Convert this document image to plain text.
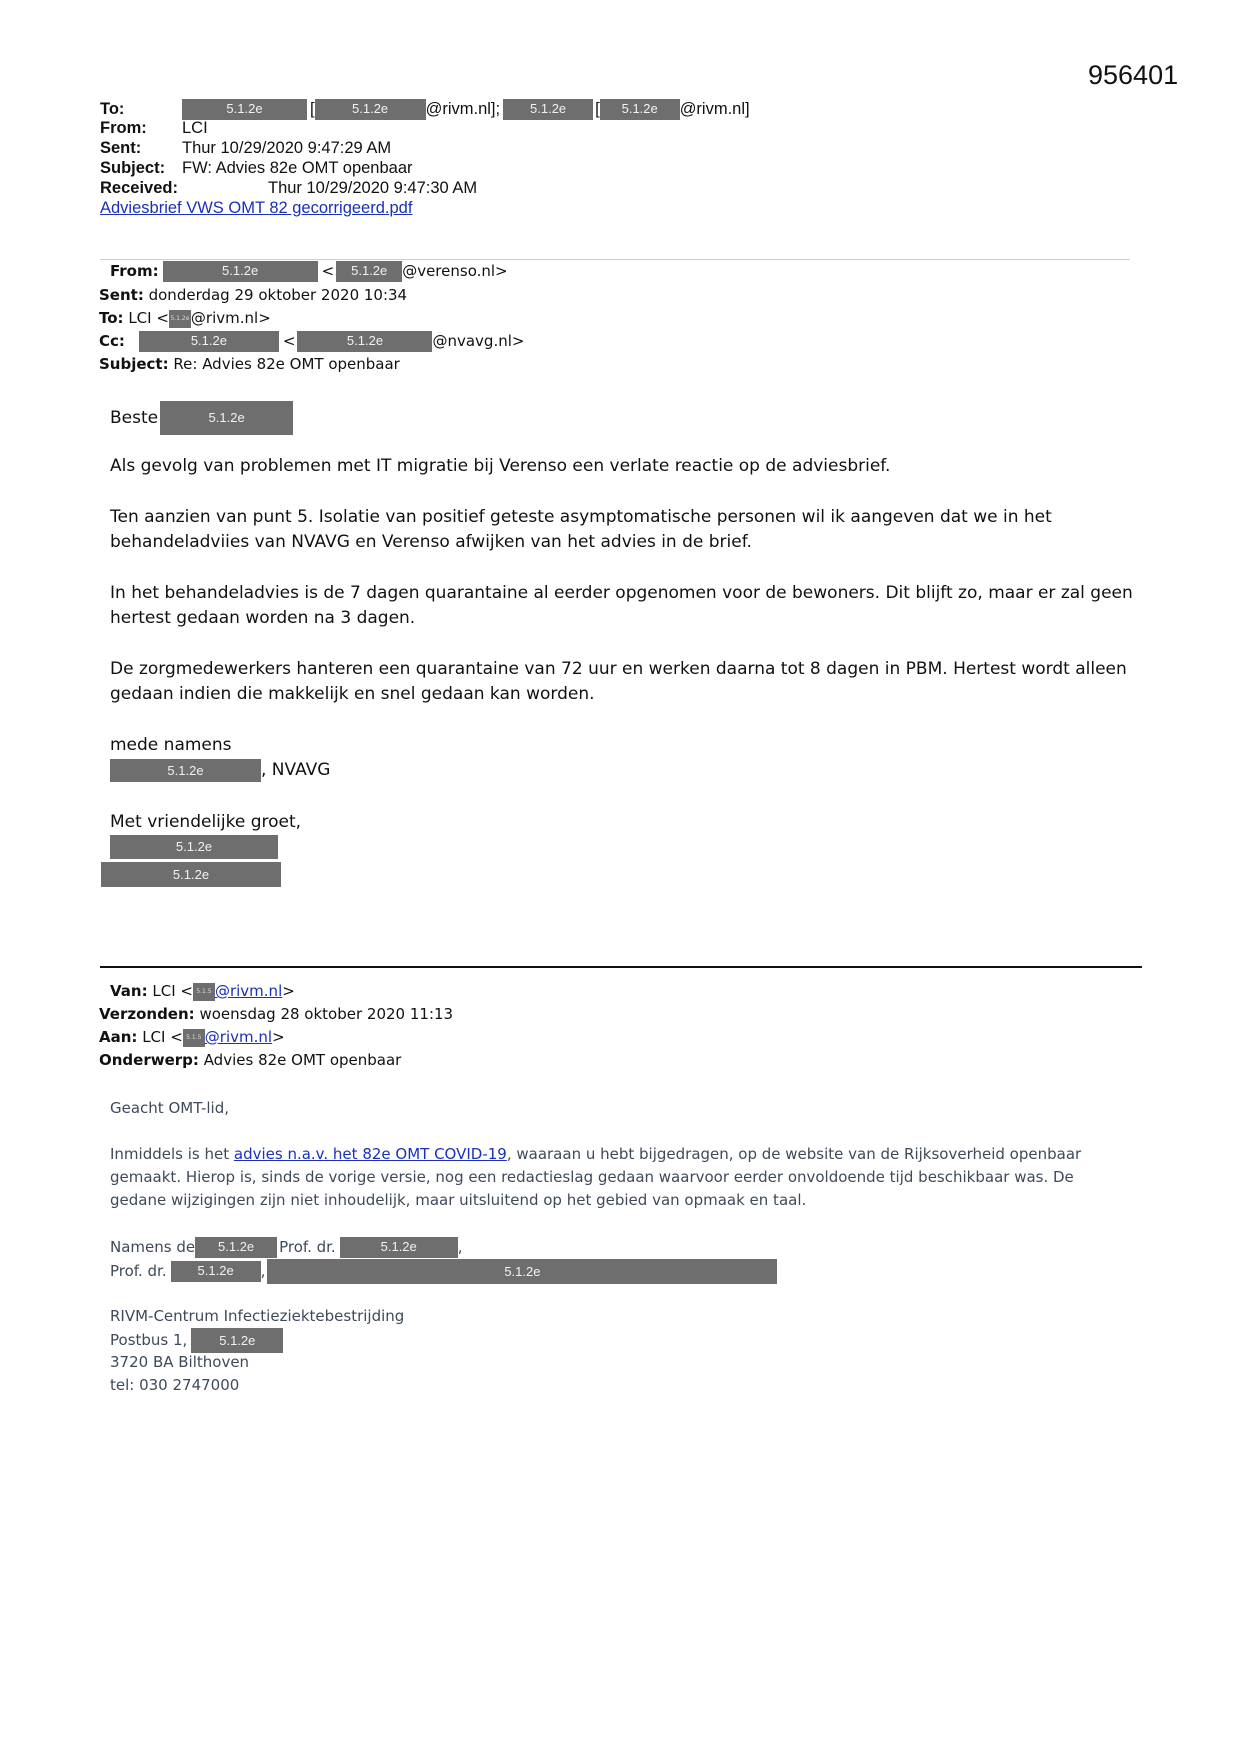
956401
To:	5.1.2e	[	5.1.2e @rivm.nl]; 5.1.2e [ 5.1.2e @rivm.nl]
From: LCI
Sent: Thur 10/29/2020 9:47:29 AM
Subject: FW: Advies 82e OMT openbaar
Received:	Thur 10/29/2020 9:47:30 AM
Adviesbrief VWS OMT 82 gecorrigeerd.pdf
From:	5.1.2e	< 5.1.2e @verenso.nl>
Sent: donderdag 29 oktober 2020 10:34
To: LCI < 5.1.2e @rivm.nl>
Cc:	5.1.2e	<	5.1.2e	@nvavg.nl>
Subject: Re: Advies 82e OMT openbaar
Beste	5.1.2e
Als gevolg van problemen met IT migratie bij Verenso een verlate reactie op de adviesbrief.
Ten aanzien van punt 5. Isolatie van positief geteste asymptomatische personen wil ik aangeven dat we in het
behandeladviies van NVAVG en Verenso afwijken van het advies in de brief.
In het behandeladvies is de 7 dagen quarantaine al eerder opgenomen voor de bewoners. Dit blijft zo, maar er zal geen
hertest gedaan worden na 3 dagen.
De zorgmedewerkers hanteren een quarantaine van 72 uur en werken daarna tot 8 dagen in PBM. Hertest wordt alleen
gedaan indien die makkelijk en snel gedaan kan worden.
mede namens
5.1.2e	, NVAVG
Met vriendelijke groet,
5.1.2e
5.1.2e
Van: LCI < 5.1.5 @rivm.nl>
Verzonden: woensdag 28 oktober 2020 11:13
Aan: LCI < 5.1.5 @rivm.nl>
Onderwerp: Advies 82e OMT openbaar
Geacht OMT-lid,
Inmiddels is het advies n.a.v. het 82e OMT COVID-19, waaraan u hebt bijgedragen, op de website van de Rijksoverheid openbaar
gemaakt. Hierop is, sinds de vorige versie, nog een redactieslag gedaan waarvoor eerder onvoldoende tijd beschikbaar was. De
gedane wijzigingen zijn niet inhoudelijk, maar uitsluitend op het gebied van opmaak en taal.
Namens de 5.1.2e Prof. dr.	5.1.2e	,
Prof. dr. 5.1.2e ,	5.1.2e
RIVM-Centrum Infectieziektebestrijding
Postbus 1, 5.1.2e
3720 BA Bilthoven
tel: 030 2747000
